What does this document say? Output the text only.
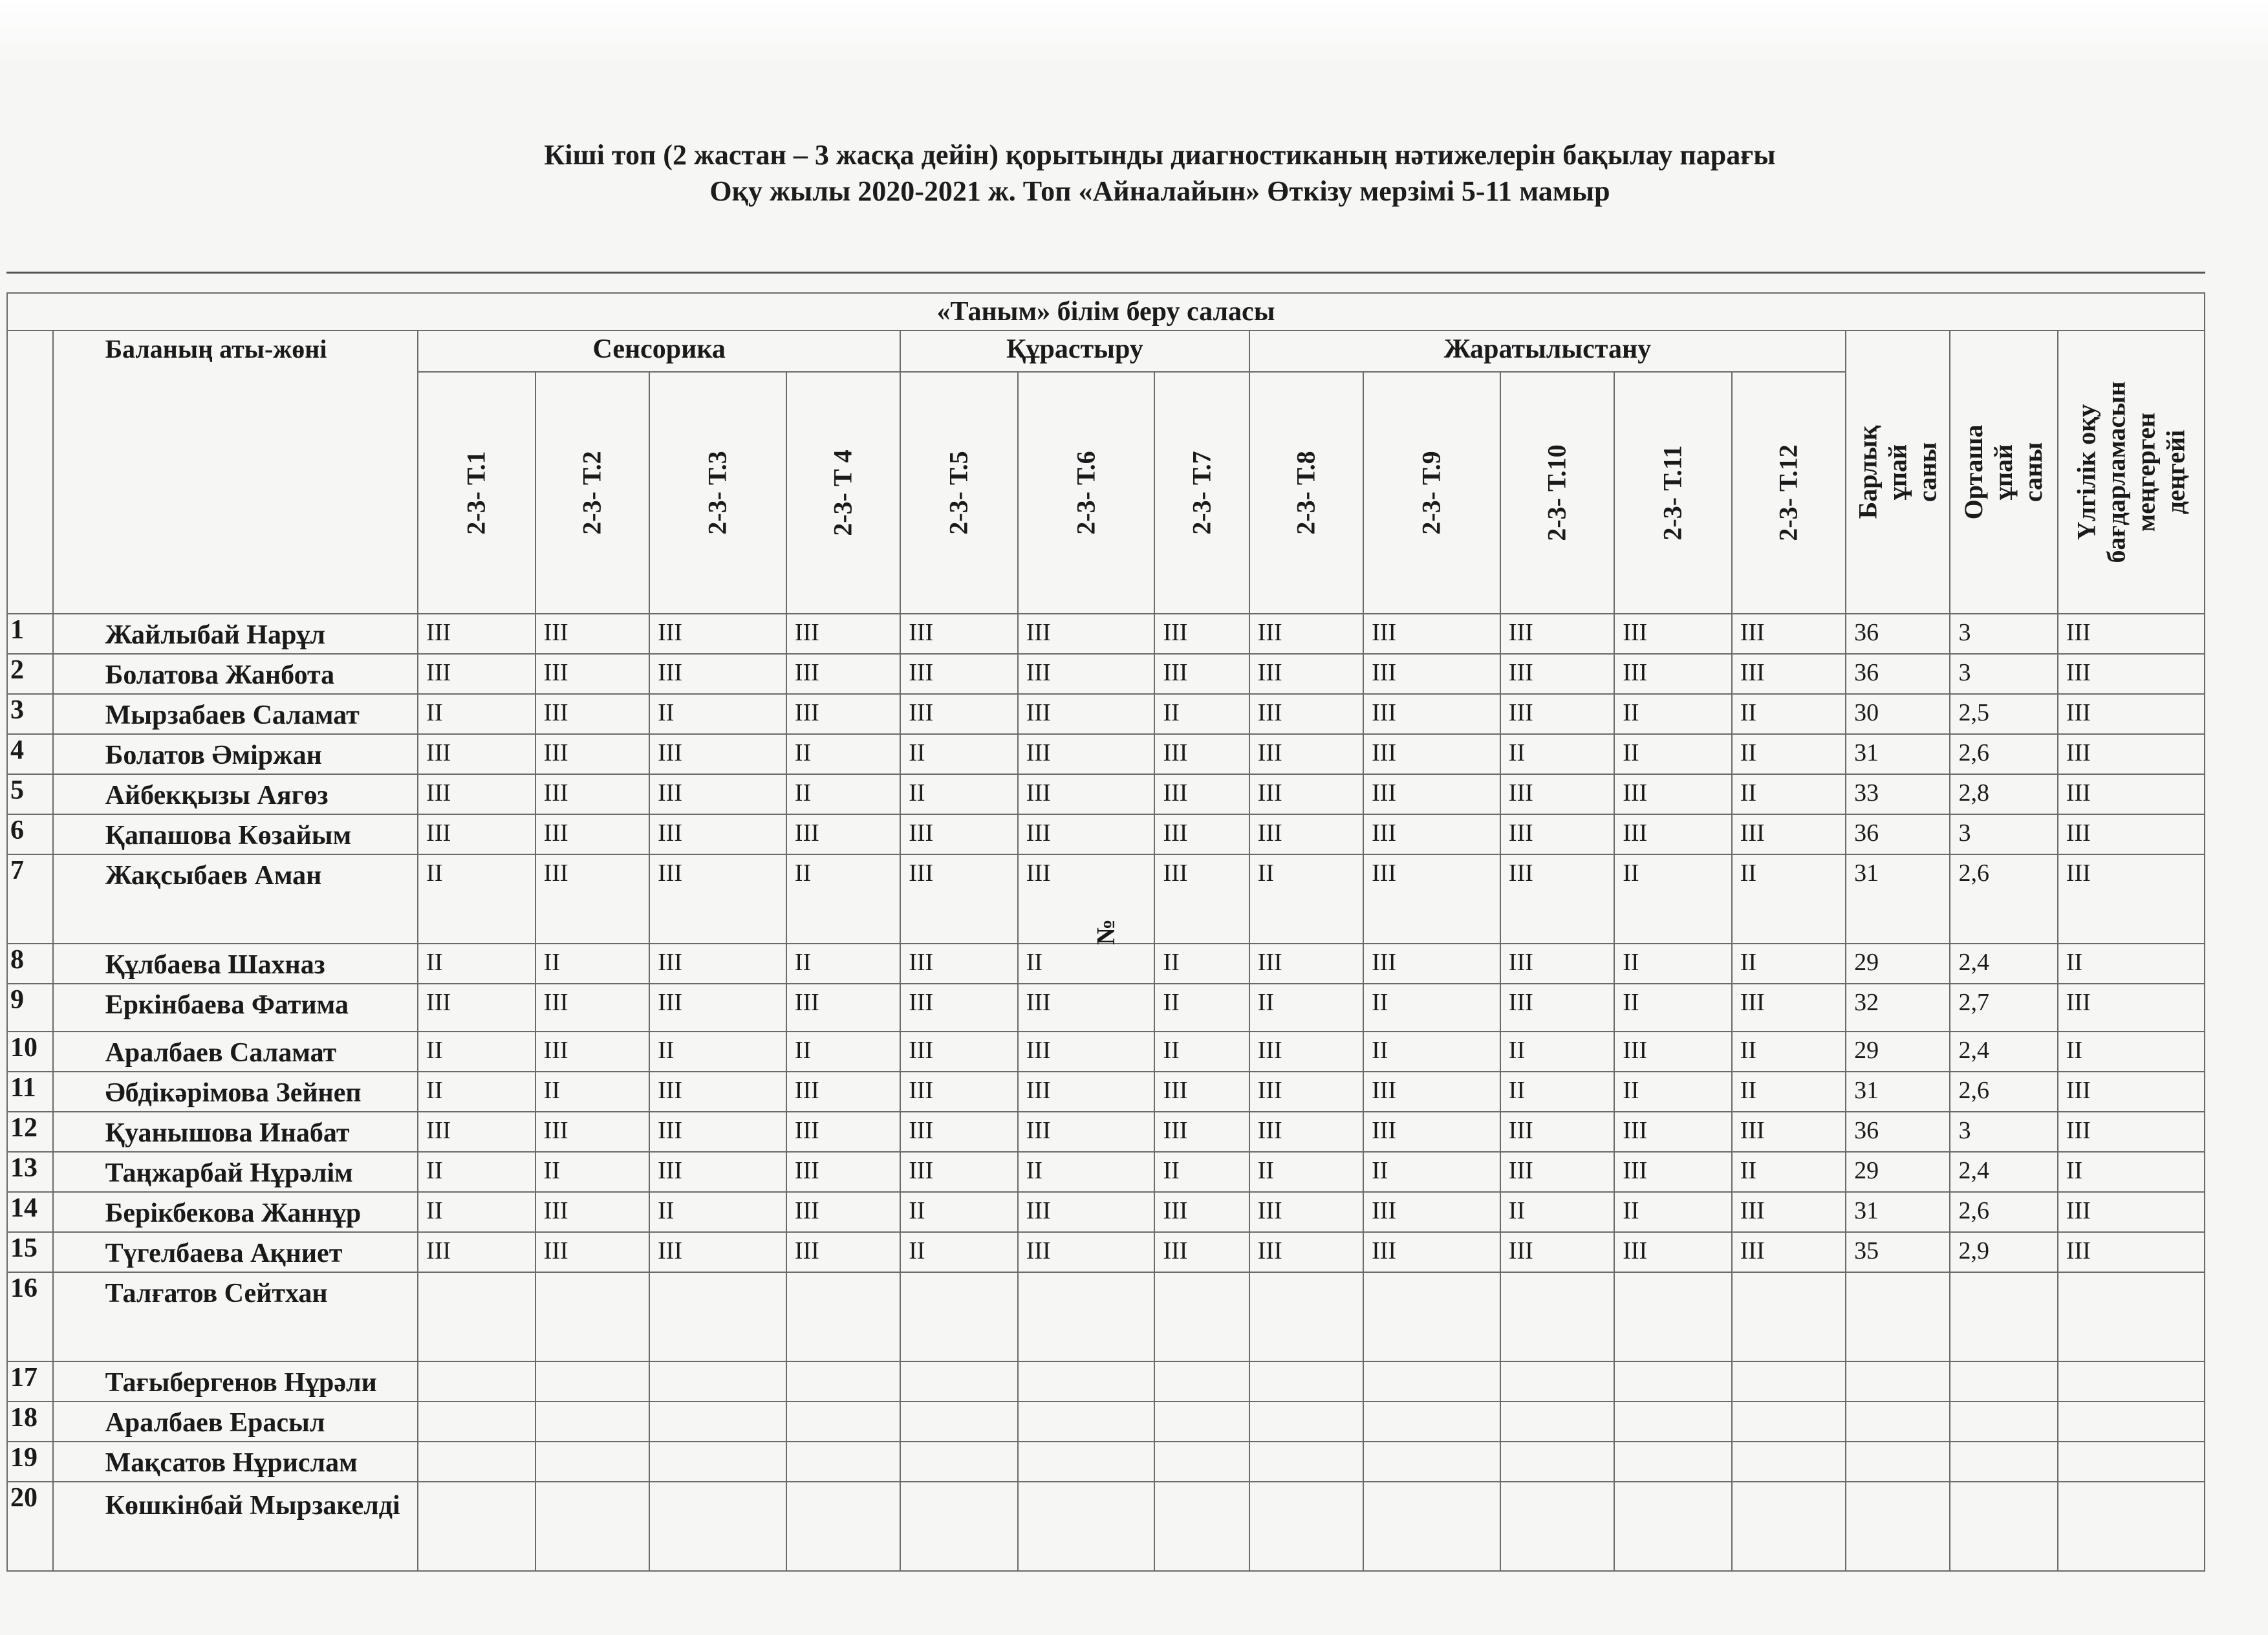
Кіші топ (2 жастан – 3 жасқа дейін) қорытынды диагностиканың нәтижелерін бақылау парағы
Оқу жылы 2020-2021 ж. Топ «Айналайын» Өткізу мерзімі 5-11 мамыр
«Таным» білім беру саласы																

№	Баланың аты-жөні	Сенсорика				Құрастыру			Жаратылыстану					Барлық ұпай саны	Орташа ұпай саны	Үлгілік оқу бағдарламасын меңгерген деңгейі

		2-3- Т.1	2-3- Т.2	2-3- Т.3	2-3- Т 4	2-3- Т.5	2-3- Т.6	2-3- Т.7	2-3- Т.8	2-3- Т.9	2-3- Т.10	2-3- Т.11	2-3- Т.12			

1	Жайлыбай Нарұл	III	III	III	III	III	III	III	III	III	III	III	III	36	3	III
2	Болатова Жанбота	III	III	III	III	III	III	III	III	III	III	III	III	36	3	III
3	Мырзабаев Саламат	II	III	II	III	III	III	II	III	III	III	II	II	30	2,5	III
4	Болатов Әміржан	III	III	III	II	II	III	III	III	III	II	II	II	31	2,6	III
5	Айбекқызы Аягөз	III	III	III	II	II	III	III	III	III	III	III	II	33	2,8	III
6	Қапашова Көзайым	III	III	III	III	III	III	III	III	III	III	III	III	36	3	III
7	Жақсыбаев Аман	II	III	III	II	III	III	III	II	III	III	II	II	31	2,6	III
8	Құлбаева Шахназ	II	II	III	II	III	II	II	III	III	III	II	II	29	2,4	II
9	Еркінбаева Фатима	III	III	III	III	III	III	II	II	II	III	II	III	32	2,7	III
10	Аралбаев Саламат	II	III	II	II	III	III	II	III	II	II	III	II	29	2,4	II
11	Әбдікәрімова Зейнеп	II	II	III	III	III	III	III	III	III	II	II	II	31	2,6	III
12	Қуанышова Инабат	III	III	III	III	III	III	III	III	III	III	III	III	36	3	III
13	Таңжарбай Нұрәлім	II	II	III	III	III	II	II	II	II	III	III	II	29	2,4	II
14	Берікбекова Жаннұр	II	III	II	III	II	III	III	III	III	II	II	III	31	2,6	III
15	Түгелбаева Ақниет	III	III	III	III	II	III	III	III	III	III	III	III	35	2,9	III
16	Талғатов Сейтхан															
17	Тағыбергенов Нұрәли															
18	Аралбаев Ерасыл															
19	Мақсатов Нұрислам															
20	Көшкінбай Мырзакелді															
